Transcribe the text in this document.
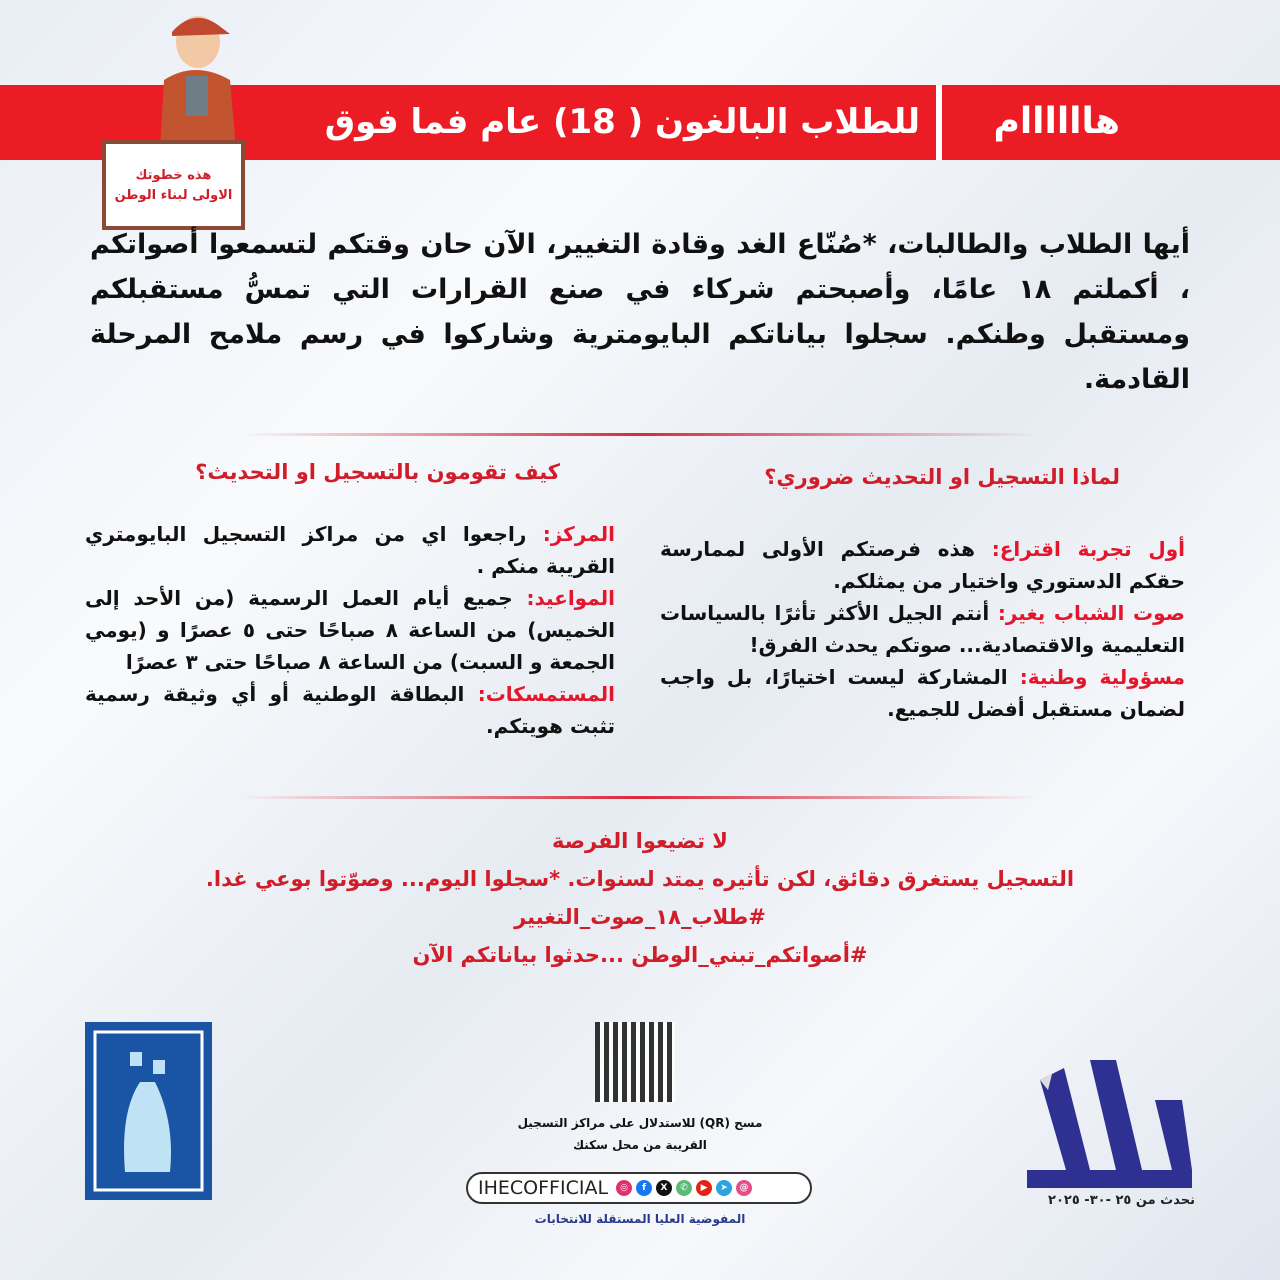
هاااااام
للطلاب البالغون ( 18) عام فما فوق
هذه خطوتك
الاولى لبناء الوطن
أيها الطلاب والطالبات، *صُنّاع الغد وقادة التغيير، الآن حان وقتكم لتسمعوا أصواتكم ، أكملتم ١٨ عامًا، وأصبحتم شركاء في صنع القرارات التي تمسُّ مستقبلكم ومستقبل وطنكم. سجلوا بياناتكم البايومترية وشاركوا في رسم ملامح المرحلة القادمة.
لماذا التسجيل او التحديث ضروري؟
كيف تقومون بالتسجيل او التحديث؟
أول تجربة اقتراع: هذه فرصتكم الأولى لممارسة حقكم الدستوري واختيار من يمثلكم.
صوت الشباب يغير: أنتم الجيل الأكثر تأثرًا بالسياسات التعليمية والاقتصادية... صوتكم يحدث الفرق!
مسؤولية وطنية: المشاركة ليست اختيارًا، بل واجب لضمان مستقبل أفضل للجميع.
المركز: راجعوا اي من مراكز التسجيل البايومتري القريبة منكم .
المواعيد: جميع أيام العمل الرسمية (من الأحد إلى الخميس) من الساعة ٨ صباحًا حتى ٥ عصرًا و (يومي الجمعة و السبت) من الساعة ٨ صباحًا حتى ٣ عصرًا
المستمسكات: البطاقة الوطنية أو أي وثيقة رسمية تثبت هويتكم.
لا تضيعوا الفرصة
التسجيل يستغرق دقائق، لكن تأثيره يمتد لسنوات. *سجلوا اليوم... وصوّتوا بوعي غدا.
#طلاب_١٨_صوت_التغيير
#أصواتكم_تبني_الوطن ...حدثوا بياناتكم الآن
مسح (QR) للاستدلال على مراكز التسجيل
القريبة من محل سكنك
IHECOFFICIAL	◎	f	X	✆	▶	➤	@
المفوضية العليا المستقلة للانتخابات
نحدث من ٢٥ -٣٠- ٢٠٢٥
